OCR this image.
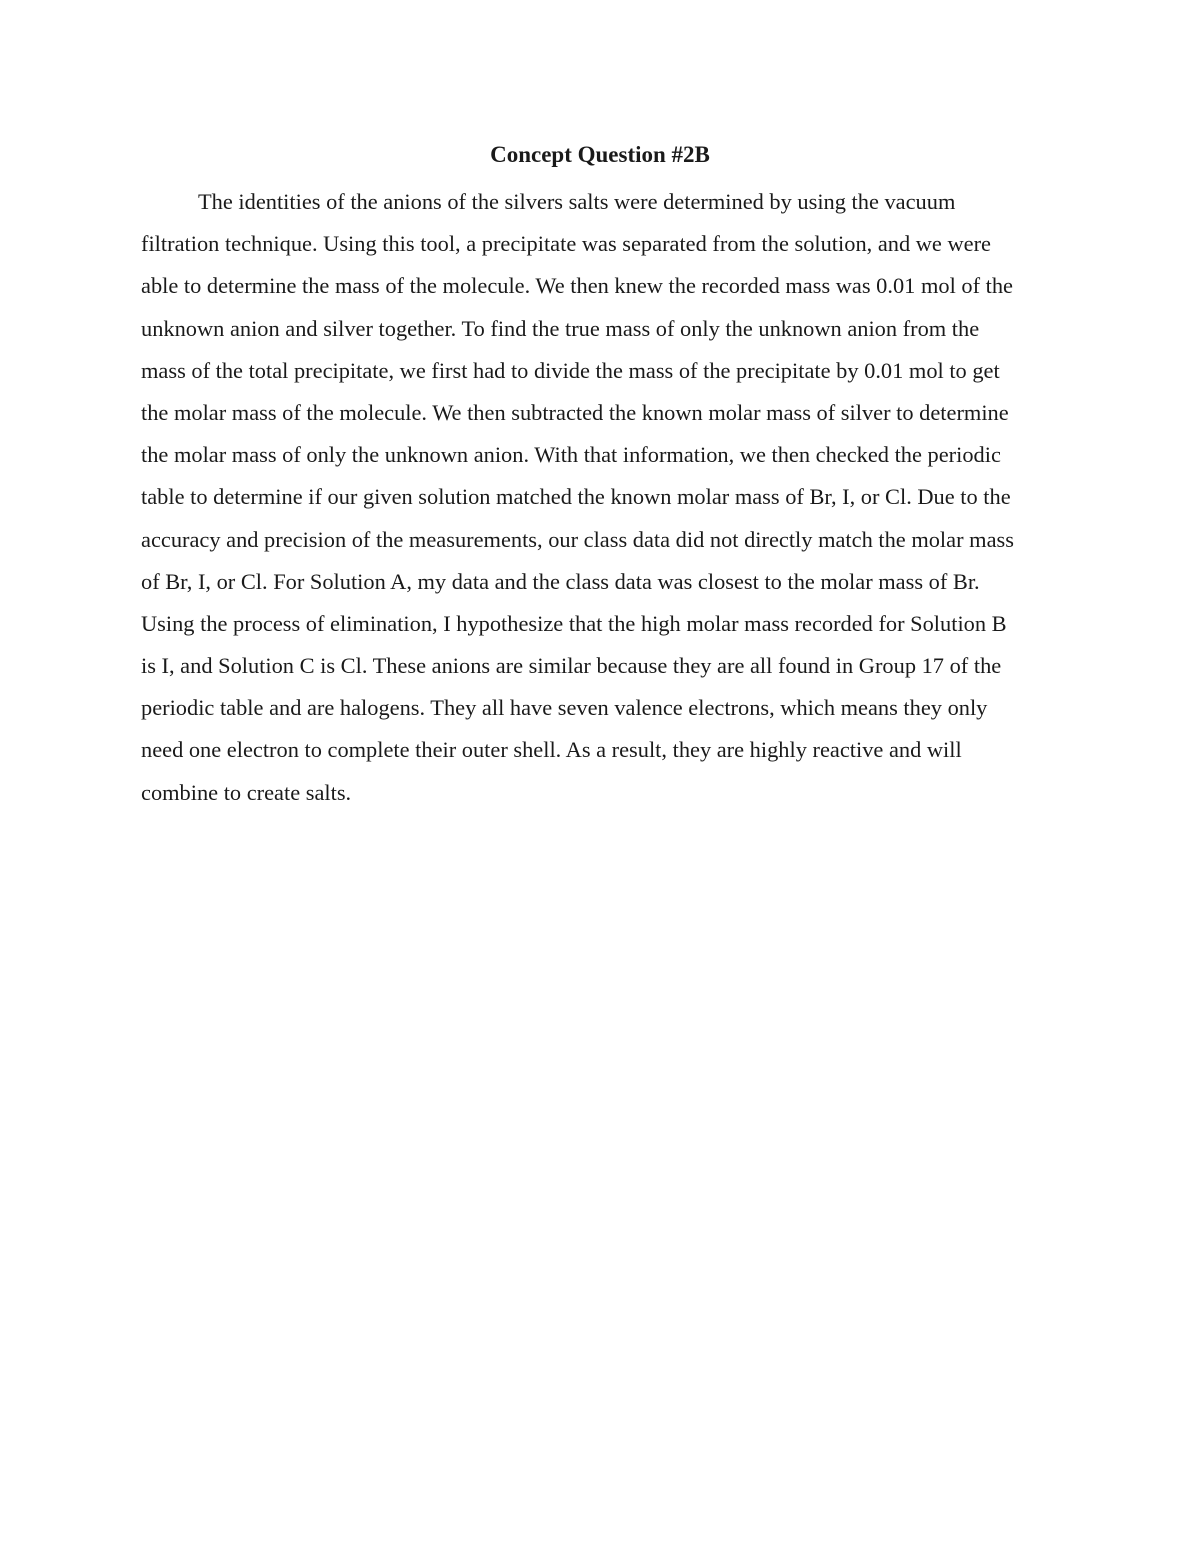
Concept Question #2B
The identities of the anions of the silvers salts were determined by using the vacuum
filtration technique. Using this tool, a precipitate was separated from the solution, and we were
able to determine the mass of the molecule. We then knew the recorded mass was 0.01 mol of the
unknown anion and silver together. To find the true mass of only the unknown anion from the
mass of the total precipitate, we first had to divide the mass of the precipitate by 0.01 mol to get
the molar mass of the molecule. We then subtracted the known molar mass of silver to determine
the molar mass of only the unknown anion. With that information, we then checked the periodic
table to determine if our given solution matched the known molar mass of Br, I, or Cl. Due to the
accuracy and precision of the measurements, our class data did not directly match the molar mass
of Br, I, or Cl. For Solution A, my data and the class data was closest to the molar mass of Br.
Using the process of elimination, I hypothesize that the high molar mass recorded for Solution B
is I, and Solution C is Cl. These anions are similar because they are all found in Group 17 of the
periodic table and are halogens. They all have seven valence electrons, which means they only
need one electron to complete their outer shell. As a result, they are highly reactive and will
combine to create salts.
